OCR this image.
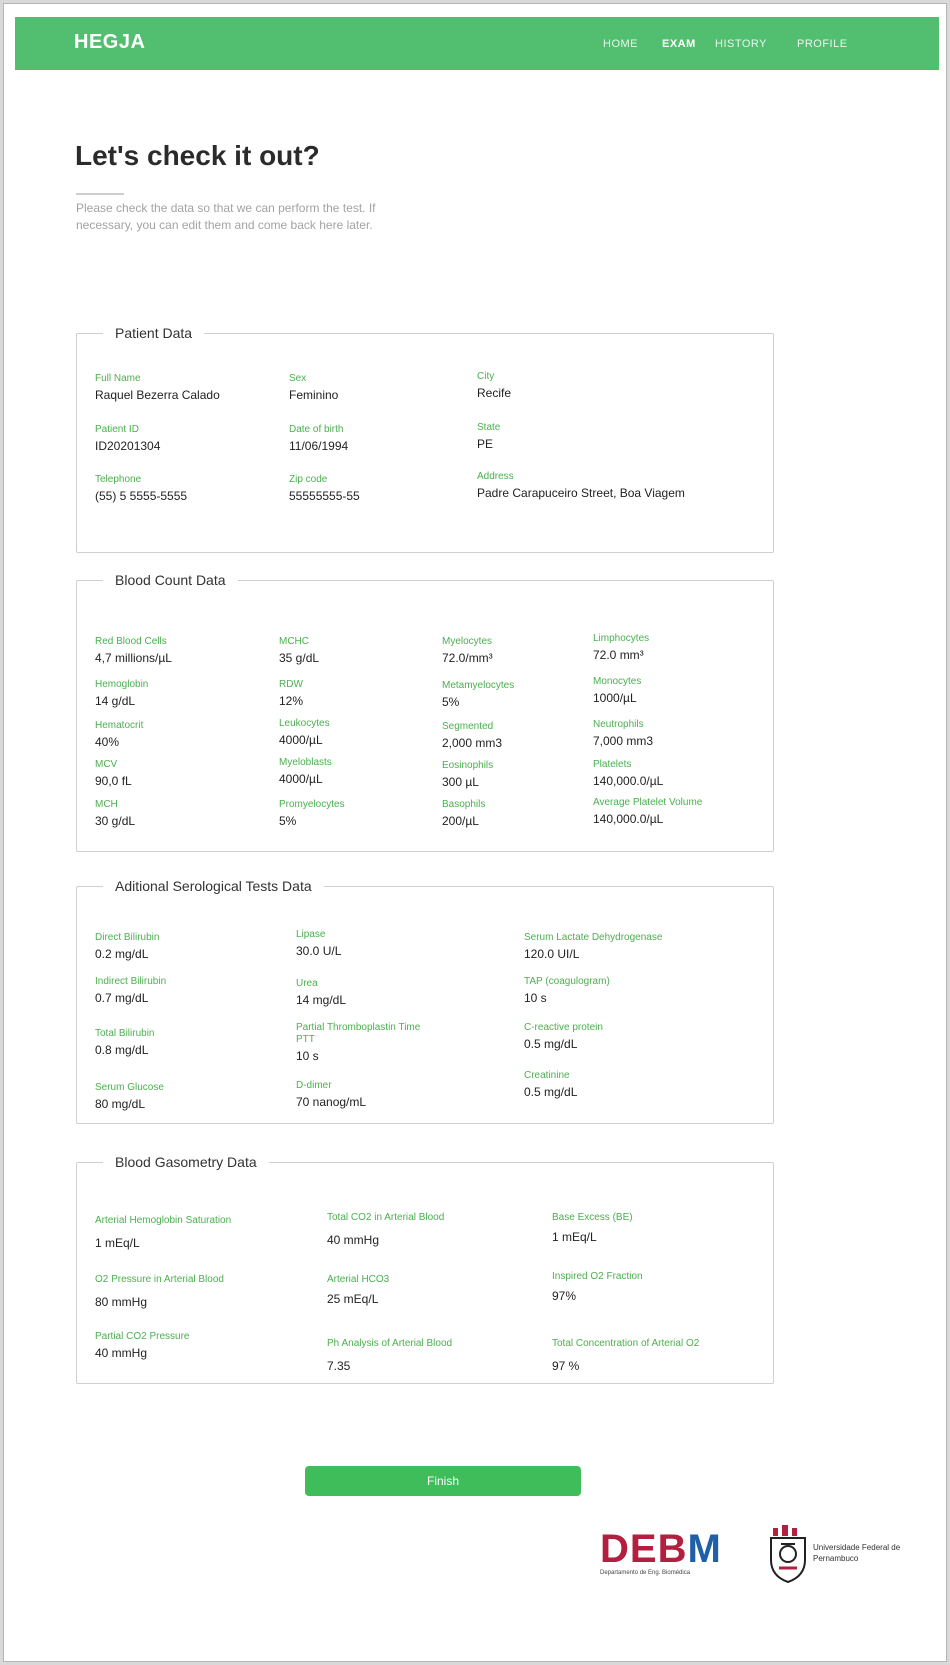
HEGJA	HOME EXAM HISTORY	PROFILE
Let's check it out?

Please check the data so that we can perform the test. If necessary, you can edit them and come back here later.

Patient Data
Full Name
Raquel Bezerra Calado
Sex
Feminino
City
Recife
Patient ID
ID20201304
Date of birth
11/06/1994
State
PE
Telephone
(55) 5 5555-5555
Zip code
55555555-55
Address
Padre Carapuceiro Street, Boa Viagem
Blood Count Data
Red Blood Cells
4,7 millions/µL
Hemoglobin
14 g/dL
Hematocrit
40%
MCV
90,0 fL
MCH
30 g/dL
MCHC
35 g/dL
RDW
12%
Leukocytes
4000/µL
Myeloblasts
4000/µL
Promyelocytes
5%
Myelocytes
72.0/mm³
Metamyelocytes
5%
Segmented
2,000 mm3
Eosinophils
300 µL
Basophils
200/µL
Limphocytes
72.0 mm³
Monocytes
1000/µL
Neutrophils
7,000 mm3
Platelets
140,000.0/µL
Average Platelet Volume
140,000.0/µL
Aditional Serological Tests Data
Direct Bilirubin
0.2 mg/dL
Indirect Bilirubin
0.7 mg/dL
Total Bilirubin
0.8 mg/dL
Serum Glucose
80 mg/dL
Lipase
30.0 U/L
Urea
14 mg/dL
Partial Thromboplastin Time PTT
10 s
D-dimer
70 nanog/mL
Serum Lactate Dehydrogenase
120.0 UI/L
TAP (coagulogram)
10 s
C-reactive protein
0.5 mg/dL
Creatinine
0.5 mg/dL
Blood Gasometry Data
Arterial Hemoglobin Saturation
1 mEq/L
O2 Pressure in Arterial Blood
80 mmHg
Partial CO2 Pressure
40 mmHg
Total CO2 in Arterial Blood
40 mmHg
Arterial HCO3
25 mEq/L
Ph Analysis of Arterial Blood
7.35
Base Excess (BE)
1 mEq/L
Inspired O2 Fraction
97%
Total Concentration of Arterial O2
97 %
Finish
DEBM
Departamento de Eng. Biomédica
Universidade Federal de Pernambuco
